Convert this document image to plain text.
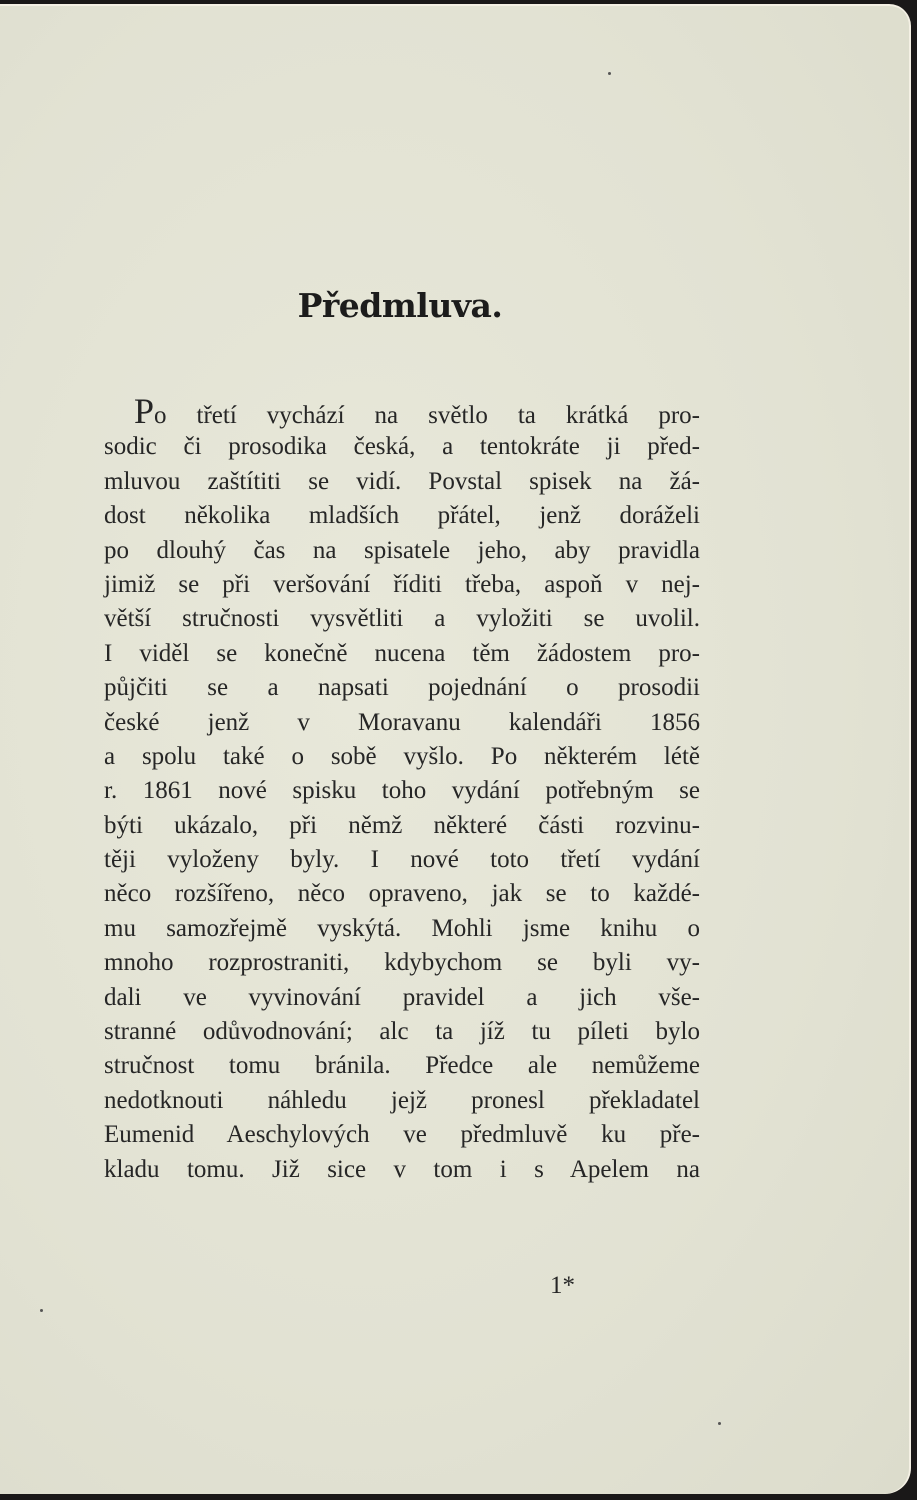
Předmluva.
Po třetí vychází na světlo ta krátká pro-
sodic či prosodika česká, a tentokráte ji před-
mluvou zaštítiti se vidí. Povstal spisek na žá-
dost několika mladších přátel, jenž doráželi
po dlouhý čas na spisatele jeho, aby pravidla
jimiž se při veršování říditi třeba, aspoň v nej-
větší stručnosti vysvětliti a vyložiti se uvolil.
I viděl se konečně nucena těm žádostem pro-
půjčiti se a napsati pojednání o prosodii
české jenž v Moravanu kalendáři 1856
a spolu také o sobě vyšlo. Po některém létě
r. 1861 nové spisku toho vydání potřebným se
býti ukázalo, při němž některé části rozvinu-
těji vyloženy byly. I nové toto třetí vydání
něco rozšířeno, něco opraveno, jak se to každé-
mu samozřejmě vyskýtá. Mohli jsme knihu o
mnoho rozprostraniti, kdybychom se byli vy-
dali ve vyvinování pravidel a jich vše-
stranné odůvodnování; alc ta jíž tu píleti bylo
stručnost tomu bránila. Předce ale nemůžeme
nedotknouti náhledu jejž pronesl překladatel
Eumenid Aeschylových ve předmluvě ku pře-
kladu tomu. Již sice v tom i s Apelem na
1*
